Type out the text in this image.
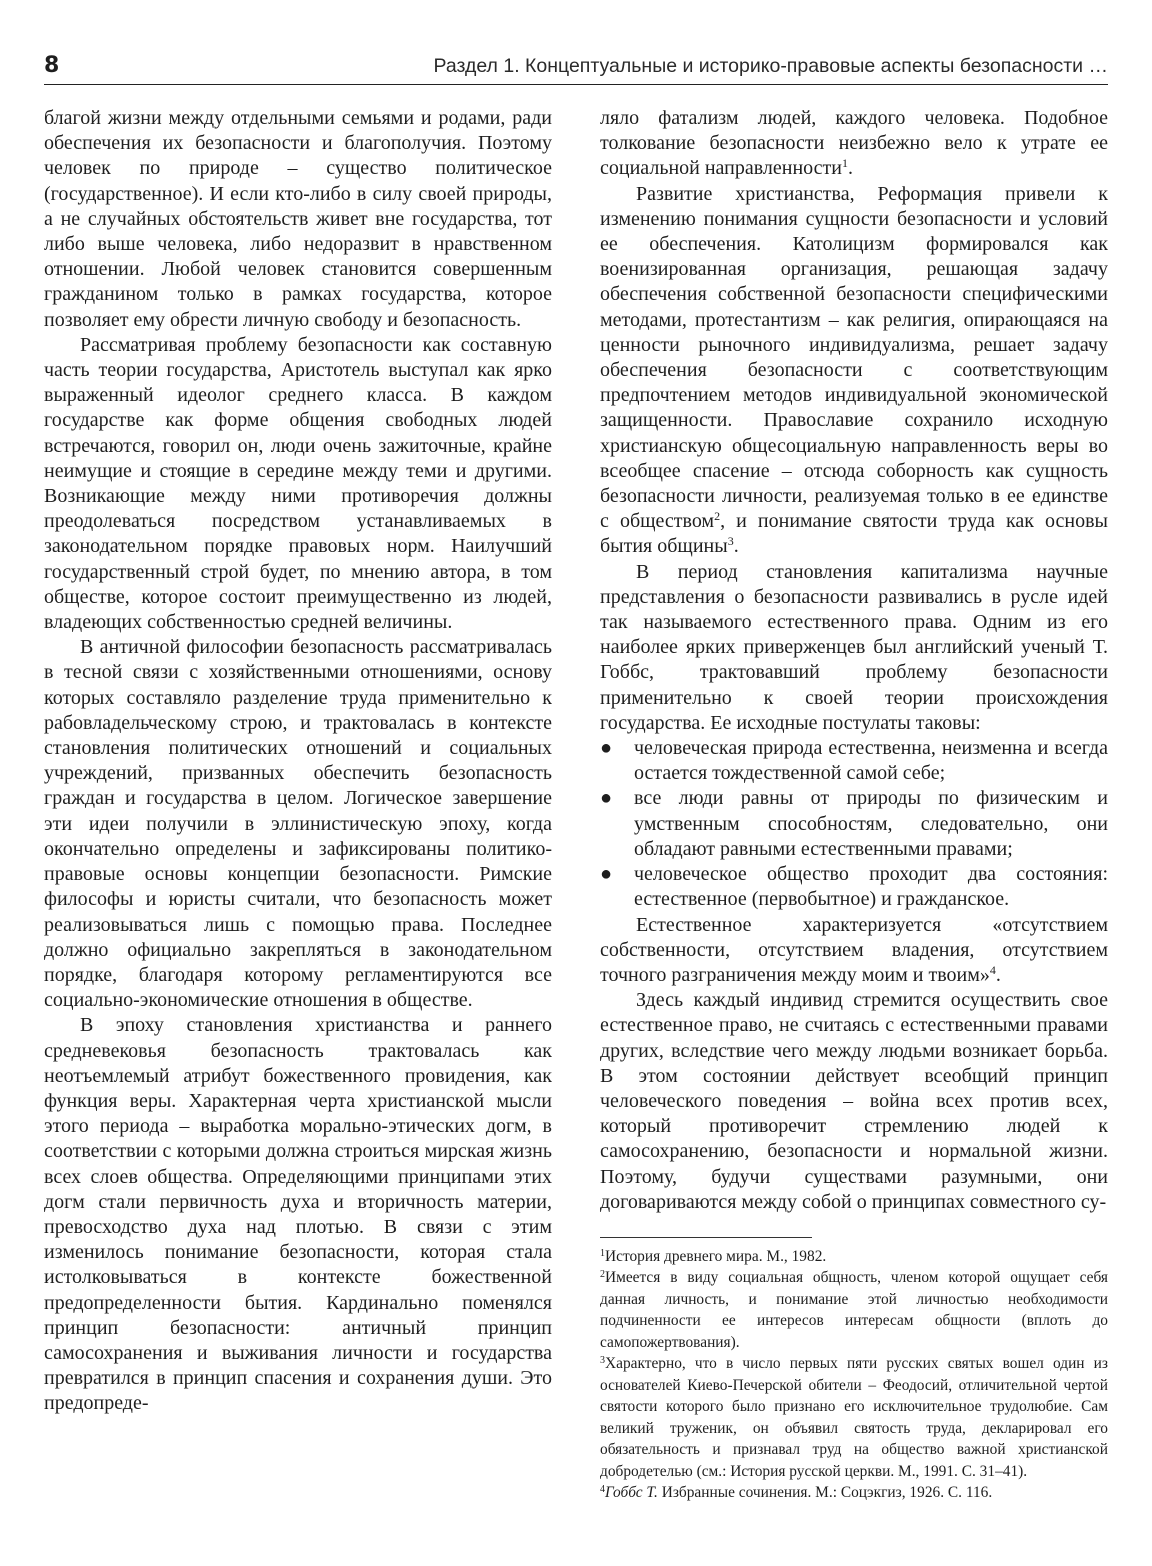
8	Раздел 1. Концептуальные и историко-правовые аспекты безопасности …

благой жизни между отдельными семьями и родами, ради обеспечения их безопасности и благополучия. Поэтому человек по природе – существо политическое (государственное). И если кто-либо в силу своей природы, а не случайных обстоятельств живет вне государства, тот либо выше человека, либо недоразвит в нравственном отношении. Любой человек становится совершенным гражданином только в рамках государства, которое позволяет ему обрести личную свободу и безопасность.

Рассматривая проблему безопасности как составную часть теории государства, Аристотель выступал как ярко выраженный идеолог среднего класса. В каждом государстве как форме общения свободных людей встречаются, говорил он, люди очень зажиточные, крайне неимущие и стоящие в середине между теми и другими. Возникающие между ними противоречия должны преодолеваться посредством устанавливаемых в законодательном порядке правовых норм. Наилучший государственный строй будет, по мнению автора, в том обществе, которое состоит преимущественно из людей, владеющих собственностью средней величины.

В античной философии безопасность рассматривалась в тесной связи с хозяйственными отношениями, основу которых составляло разделение труда применительно к рабовладельческому строю, и трактовалась в контексте становления политических отношений и социальных учреждений, призванных обеспечить безопасность граждан и государства в целом. Логическое завершение эти идеи получили в эллинистическую эпоху, когда окончательно определены и зафиксированы политико-правовые основы концепции безопасности. Римские философы и юристы считали, что безопасность может реализовываться лишь с помощью права. Последнее должно официально закрепляться в законодательном порядке, благодаря которому регламентируются все социально-экономические отношения в обществе.

В эпоху становления христианства и раннего средневековья безопасность трактовалась как неотъемлемый атрибут божественного провидения, как функция веры. Характерная черта христианской мысли этого периода – выработка морально-этических догм, в соответствии с которыми должна строиться мирская жизнь всех слоев общества. Определяющими принципами этих догм стали первичность духа и вторичность материи, превосходство духа над плотью. В связи с этим изменилось понимание безопасности, которая стала истолковываться в контексте божественной предопределенности бытия. Кардинально поменялся принцип безопасности: античный принцип самосохранения и выживания личности и государства превратился в принцип спасения и сохранения души. Это предопреде-

ляло фатализм людей, каждого человека. Подобное толкование безопасности неизбежно вело к утрате ее социальной направленности$^1$.

Развитие христианства, Реформация привели к изменению понимания сущности безопасности и условий ее обеспечения. Католицизм формировался как военизированная организация, решающая задачу обеспечения собственной безопасности специфическими методами, протестантизм – как религия, опирающаяся на ценности рыночного индивидуализма, решает задачу обеспечения безопасности с соответствующим предпочтением методов индивидуальной экономической защищенности. Православие сохранило исходную христианскую общесоциальную направленность веры во всеобщее спасение – отсюда соборность как сущность безопасности личности, реализуемая только в ее единстве с обществом$^2$, и понимание святости труда как основы бытия общины$^3$.

В период становления капитализма научные представления о безопасности развивались в русле идей так называемого естественного права. Одним из его наиболее ярких приверженцев был английский ученый Т. Гоббс, трактовавший проблему безопасности применительно к своей теории происхождения государства. Ее исходные постулаты таковы:

● человеческая природа естественна, неизменна и всегда остается тождественной самой себе;
● все люди равны от природы по физическим и умственным способностям, следовательно, они обладают равными естественными правами;
● человеческое общество проходит два состояния: естественное (первобытное) и гражданское.

Естественное характеризуется «отсутствием собственности, отсутствием владения, отсутствием точного разграничения между моим и твоим»$^4$.

Здесь каждый индивид стремится осуществить свое естественное право, не считаясь с естественными правами других, вследствие чего между людьми возникает борьба. В этом состоянии действует всеобщий принцип человеческого поведения – война всех против всех, который противоречит стремлению людей к самосохранению, безопасности и нормальной жизни. Поэтому, будучи существами разумными, они договариваются между собой о принципах совместного су-

$^1$История древнего мира. М., 1982.

$^2$Имеется в виду социальная общность, членом которой ощущает себя данная личность, и понимание этой личностью необходимости подчиненности ее интересов интересам общности (вплоть до самопожертвования).

$^3$Характерно, что в число первых пяти русских святых вошел один из основателей Киево-Печерской обители – Феодосий, отличительной чертой святости которого было признано его исключительное трудолюбие. Сам великий труженик, он объявил святость труда, декларировал его обязательность и признавал труд на общество важной христианской добродетелью (см.: История русской церкви. М., 1991. С. 31–41).

$^4$Гоббс Т. Избранные сочинения. М.: Соцэкгиз, 1926. С. 116.
